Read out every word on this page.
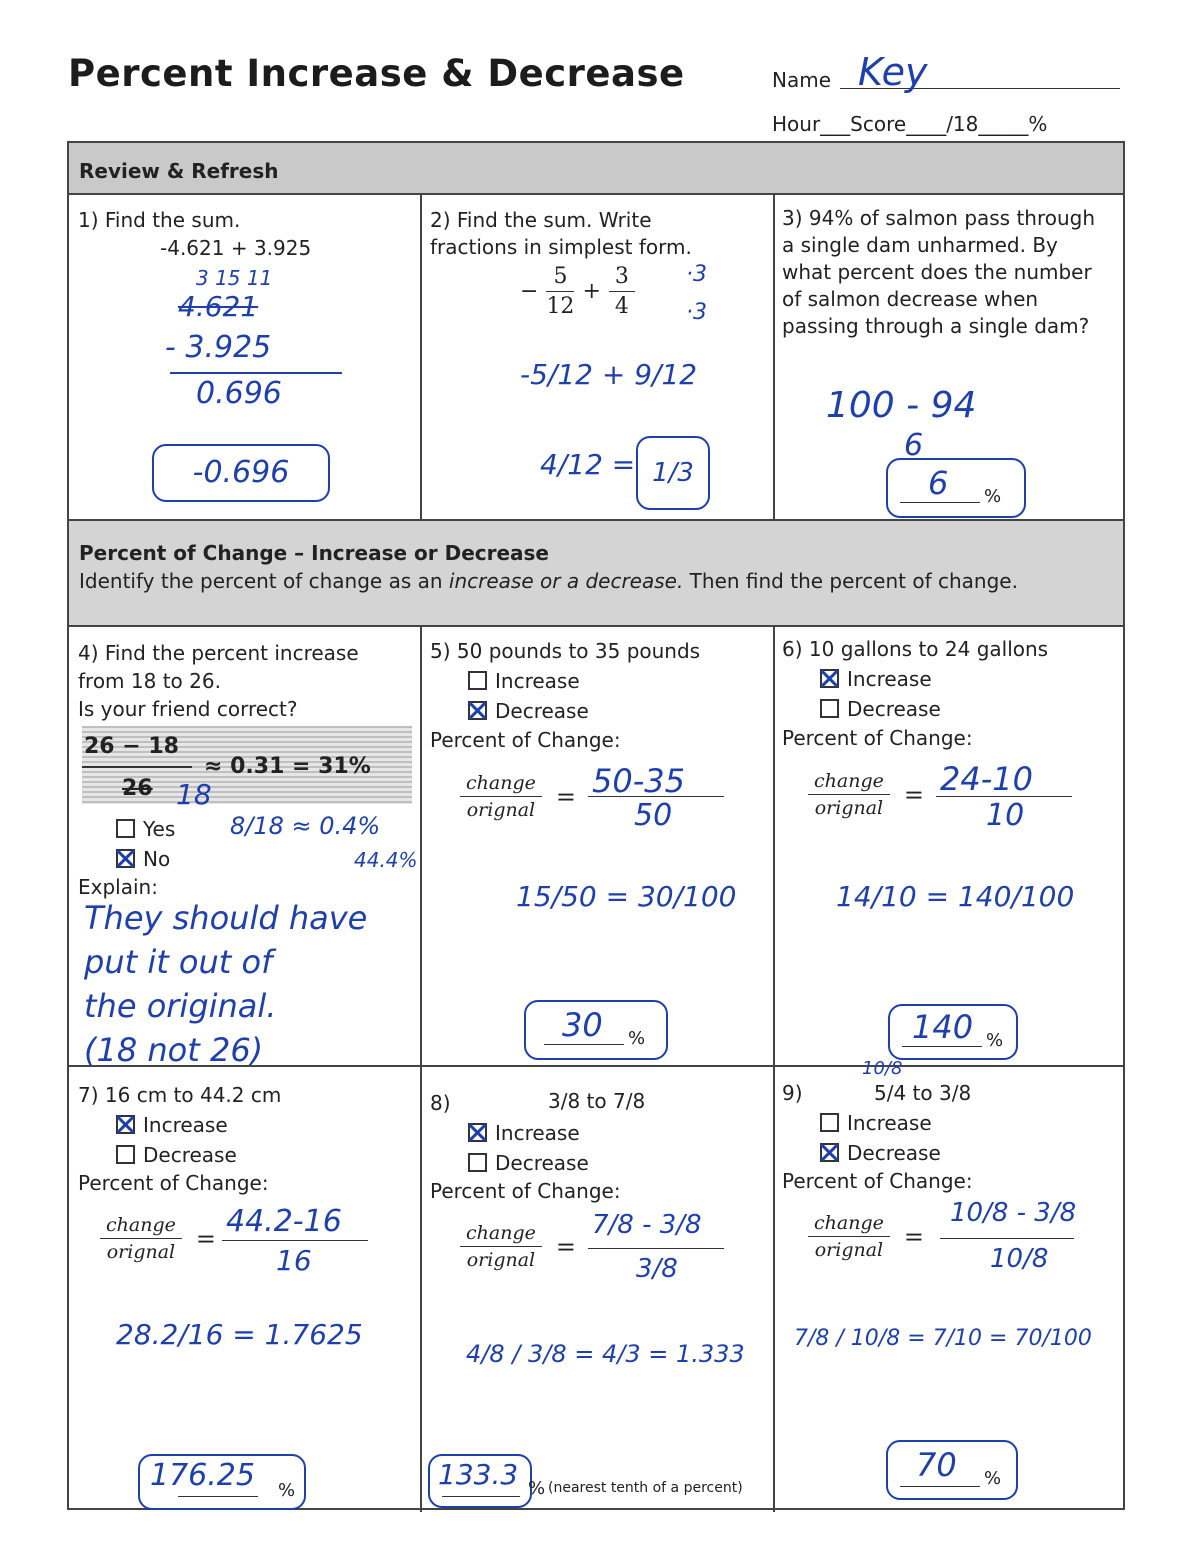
Percent Increase & Decrease	Name Key
Hour___Score____/18_____%
Review & Refresh
Percent of Change – Increase or Decrease
Identify the percent of change as an increase or a decrease. Then find the percent of change.
1) Find the sum.
-4.621 + 3.925
3 15 11
4.621
- 3.925
0.696
-0.696
2) Find the sum. Write
fractions in simplest form.
− $\frac{5}{12} + \frac{3}{4} \cdot 3$
·3
-5/12 + 9/12
4/12 = 1/3
3) 94% of salmon pass through a single dam unharmed. By what percent does the number of salmon decrease when passing through a single dam?
100 - 94
6
6 %
4) Find the percent increase
from 18 to 26.
Is your friend correct?
26 − 18
26
≈ 0.31 = 31%
18
8/18 ≈ 0.4%
44.4%
Yes
No
Explain:
They should have
put it out of
the original.
(18 not 26)
5) 50 pounds to 35 pounds
Increase
Decrease
Percent of Change:
$\frac{\text{change}}{\text{orignal}} = 50-35$
50
15/50 = 30/100
30 %
6) 10 gallons to 24 gallons
Increase
Decrease
Percent of Change:
$\frac{\text{change}}{\text{orignal}} = 24-10$
10
14/10 = 140/100
140 %
7) 16 cm to 44.2 cm
Increase
Decrease
Percent of Change:
$\frac{\text{change}}{\text{orignal}} = 44.2-16$
16
28.2/16 = 1.7625
176.25 %
8)	3/8 to 7/8
Increase
Decrease
Percent of Change:
$\frac{\text{change}}{\text{orignal}}$ =
7/8 - 3/8
3/8
4/8 / 3/8 = 4/3 = 1.333
133.3 % (nearest tenth of a percent)
9)
10/8
5/4 to 3/8
Increase
Decrease
Percent of Change:
$\frac{\text{change}}{\text{orignal}}$ =
10/8 - 3/8
10/8
7/8 / 10/8 = 7/10 = 70/100
70 %
